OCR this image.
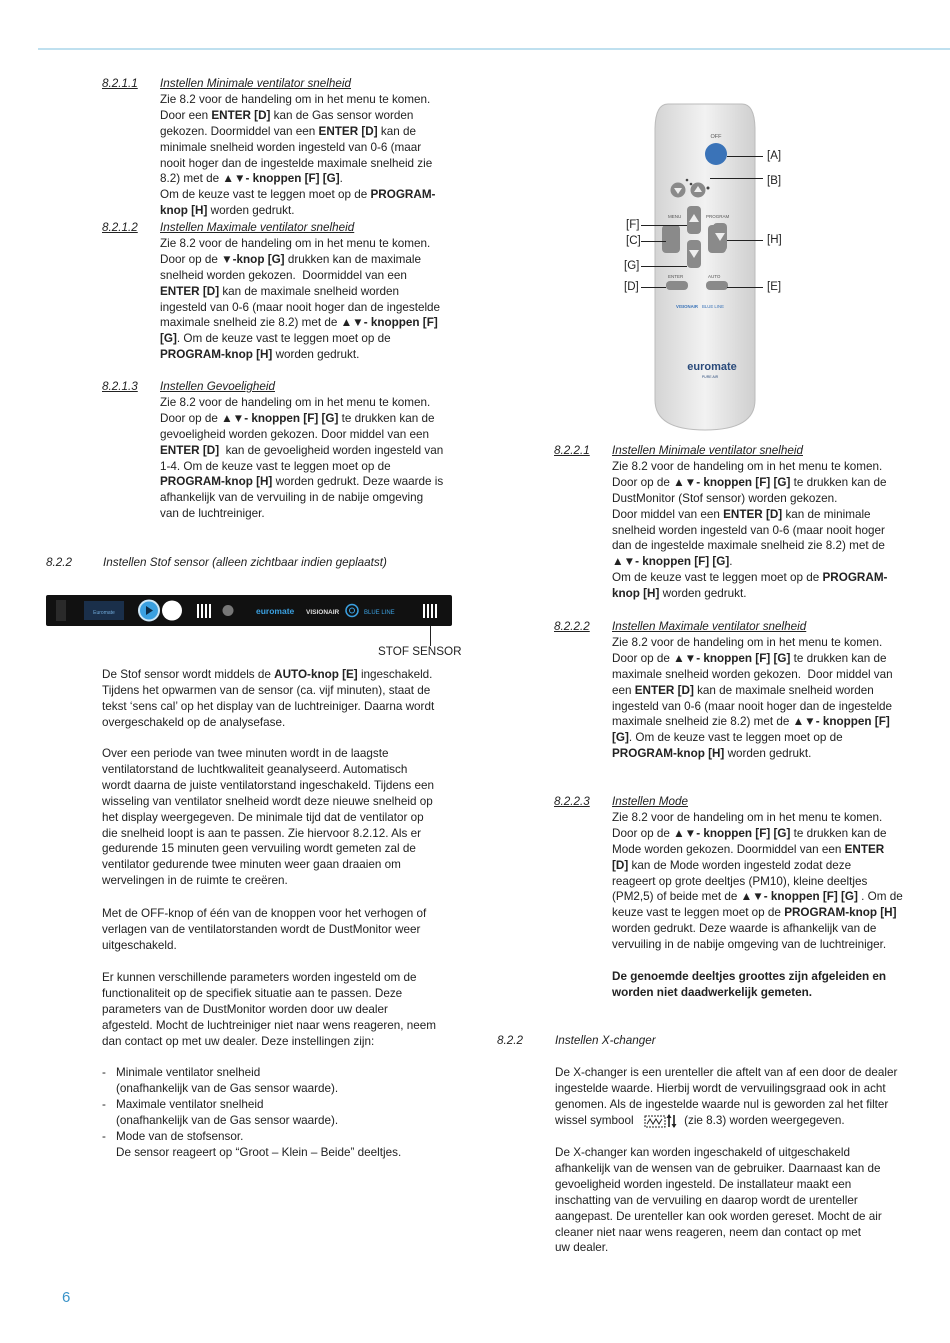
8.2.1.1 Instellen Minimale ventilator snelheid
Zie 8.2 voor de handeling om in het menu te komen.
Door een ENTER [D] kan de Gas sensor worden
gekozen. Doormiddel van een ENTER [D] kan de
minimale snelheid worden ingesteld van 0-6 (maar
nooit hoger dan de ingestelde maximale snelheid zie
8.2) met de ▲▼- knoppen [F] [G].
Om de keuze vast te leggen moet op de PROGRAM-
knop [H] worden gedrukt.
8.2.1.2 Instellen Maximale ventilator snelheid
Zie 8.2 voor de handeling om in het menu te komen.
Door op de ▼-knop [G] drukken kan de maximale
snelheid worden gekozen.  Doormiddel van een
ENTER [D] kan de maximale snelheid worden
ingesteld van 0-6 (maar nooit hoger dan de ingestelde
maximale snelheid zie 8.2) met de ▲▼- knoppen [F]
[G]. Om de keuze vast te leggen moet op de
PROGRAM-knop [H] worden gedrukt.
8.2.1.3 Instellen Gevoeligheid
Zie 8.2 voor de handeling om in het menu te komen.
Door op de ▲▼- knoppen [F] [G] te drukken kan de
gevoeligheid worden gekozen. Door middel van een
ENTER [D]  kan de gevoeligheid worden ingesteld van
1-4. Om de keuze vast te leggen moet op de
PROGRAM-knop [H] worden gedrukt. Deze waarde is
afhankelijk van de vervuiling in de nabije omgeving
van de luchtreiniger.
8.2.2	Instellen Stof sensor (alleen zichtbaar indien geplaatst)
Euromate	euromate VISIONAIR	BLUE LINE
STOF SENSOR
De Stof sensor wordt middels de AUTO-knop [E] ingeschakeld.
Tijdens het opwarmen van de sensor (ca. vijf minuten), staat de
tekst ‘sens cal’ op het display van de luchtreiniger. Daarna wordt
overgeschakeld op de analysefase.
Over een periode van twee minuten wordt in de laagste
ventilatorstand de luchtkwaliteit geanalyseerd. Automatisch
wordt daarna de juiste ventilatorstand ingeschakeld. Tijdens een
wisseling van ventilator snelheid wordt deze nieuwe snelheid op
het display weergegeven. De minimale tijd dat de ventilator op
die snelheid loopt is aan te passen. Zie hiervoor 8.2.12. Als er
gedurende 15 minuten geen vervuiling wordt gemeten zal de
ventilator gedurende twee minuten weer gaan draaien om
wervelingen in de ruimte te creëren.
Met de OFF-knop of één van de knoppen voor het verhogen of
verlagen van de ventilatorstanden wordt de DustMonitor weer
uitgeschakeld.
Er kunnen verschillende parameters worden ingesteld om de
functionaliteit op de specifiek situatie aan te passen. Deze
parameters van de DustMonitor worden door uw dealer
afgesteld. Mocht de luchtreiniger niet naar wens reageren, neem
dan contact op met uw dealer. Deze instellingen zijn:
- Minimale ventilator snelheid
(onafhankelijk van de Gas sensor waarde).
- Maximale ventilator snelheid
(onafhankelijk van de Gas sensor waarde).
- Mode van de stofsensor.
De sensor reageert op “Groot – Klein – Beide” deeltjes.
OFF
MENU	PROGRAM
ENTER	AUTO
VISIONAIR BLUE LINE
euromate
PURE AIR
[A]
[B]
[F]
[C]	[H]
[G]
[D]	[E]
8.2.2.1 Instellen Minimale ventilator snelheid
Zie 8.2 voor de handeling om in het menu te komen.
Door op de ▲▼- knoppen [F] [G] te drukken kan de
DustMonitor (Stof sensor) worden gekozen.
Door middel van een ENTER [D] kan de minimale
snelheid worden ingesteld van 0-6 (maar nooit hoger
dan de ingestelde maximale snelheid zie 8.2) met de
▲▼- knoppen [F] [G].
Om de keuze vast te leggen moet op de PROGRAM-
knop [H] worden gedrukt.
8.2.2.2 Instellen Maximale ventilator snelheid
Zie 8.2 voor de handeling om in het menu te komen.
Door op de ▲▼- knoppen [F] [G] te drukken kan de
maximale snelheid worden gekozen.  Door middel van
een ENTER [D] kan de maximale snelheid worden
ingesteld van 0-6 (maar nooit hoger dan de ingestelde
maximale snelheid zie 8.2) met de ▲▼- knoppen [F]
[G]. Om de keuze vast te leggen moet op de
PROGRAM-knop [H] worden gedrukt.
8.2.2.3 Instellen Mode
Zie 8.2 voor de handeling om in het menu te komen.
Door op de ▲▼- knoppen [F] [G] te drukken kan de
Mode worden gekozen. Doormiddel van een ENTER
[D] kan de Mode worden ingesteld zodat deze
reageert op grote deeltjes (PM10), kleine deeltjes
(PM2,5) of beide met de ▲▼- knoppen [F] [G] . Om de
keuze vast te leggen moet op de PROGRAM-knop [H]
worden gedrukt. Deze waarde is afhankelijk van de
vervuiling in de nabije omgeving van de luchtreiniger.

De genoemde deeltjes groottes zijn afgeleiden en
worden niet daadwerkelijk gemeten.
8.2.2	Instellen X-changer
De X-changer is een urenteller die aftelt van af een door de dealer
ingestelde waarde. Hierbij wordt de vervuilingsgraad ook in acht
genomen. Als de ingestelde waarde nul is geworden zal het filter
wissel symbool	(zie 8.3) worden weergegeven.
De X-changer kan worden ingeschakeld of uitgeschakeld
afhankelijk van de wensen van de gebruiker. Daarnaast kan de
gevoeligheid worden ingesteld. De installateur maakt een
inschatting van de vervuiling en daarop wordt de urenteller
aangepast. De urenteller kan ook worden gereset. Mocht de air
cleaner niet naar wens reageren, neem dan contact op met
uw dealer.
6
